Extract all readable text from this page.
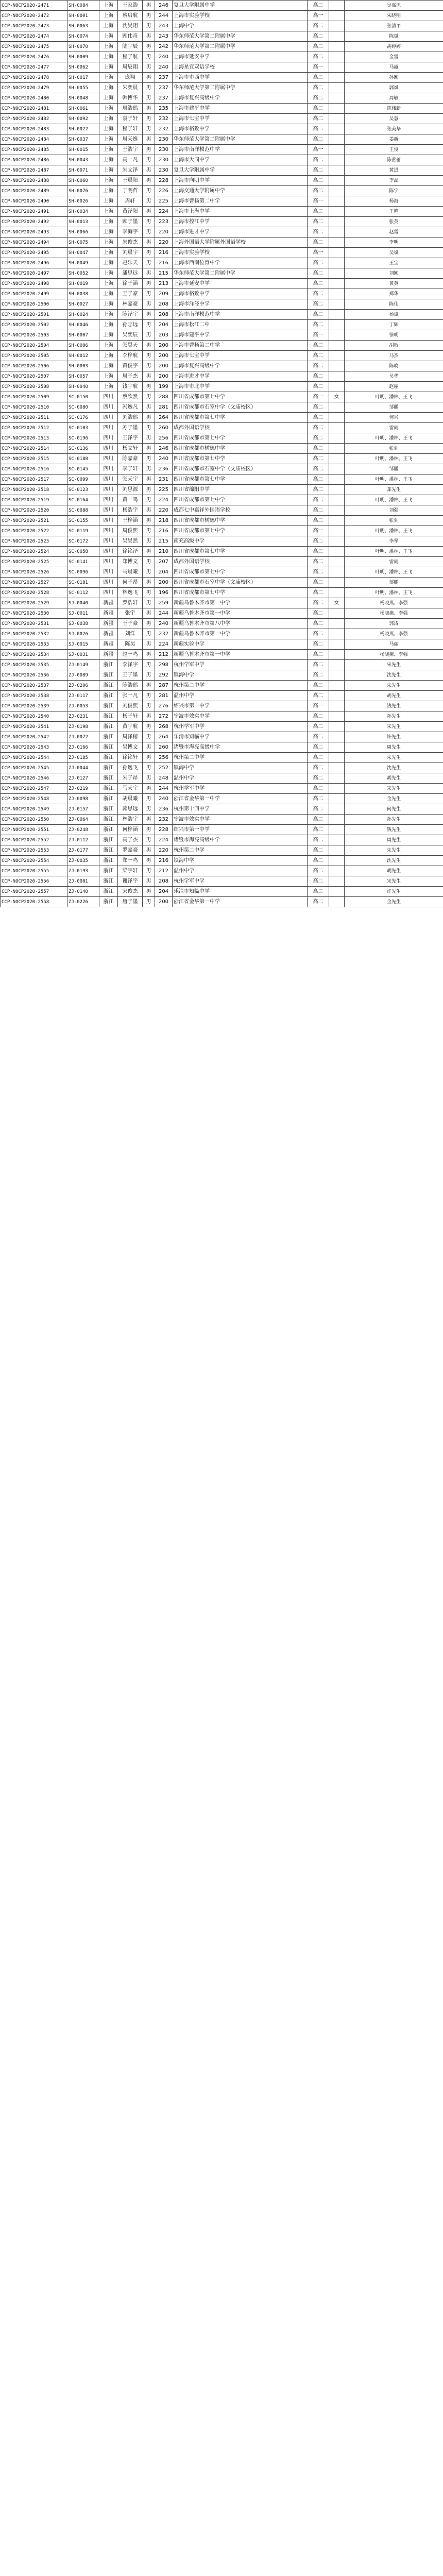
CCP-NOCP2020-2471	SH-0084	上海	王家浩	男	246	复旦大学附属中学	高二		吴嘉旭
CCP-NOCP2020-2472	SH-0001	上海	蔡启航	男	244	上海市实验学校	高一		朱晓明
CCP-NOCP2020-2473	SH-0063	上海	沈昊翔	男	243	上海中学	高二		张清平
CCP-NOCP2020-2474	SH-0074	上海	顾伟奇	男	243	华东师范大学第二附属中学	高二		陈斌
CCP-NOCP2020-2475	SH-0070	上海	陆宇辰	男	242	华东师范大学第二附属中学	高二		胡婷婷
CCP-NOCP2020-2476	SH-0009	上海	程子航	男	240	上海市延安中学	高二		金雷
CCP-NOCP2020-2477	SH-0062	上海	周辰翔	男	240	上海星宜双语学校	高一		马越
CCP-NOCP2020-2478	SH-0017	上海	庞翔	男	237	上海市市西中学	高二		孙颖
CCP-NOCP2020-2479	SH-0055	上海	朱奕晨	男	237	华东师范大学第二附属中学	高二		郭斌
CCP-NOCP2020-2480	SH-0048	上海	韩博华	男	237	上海市复兴高级中学	高二		周敏
CCP-NOCP2020-2481	SH-0061	上海	周浩然	男	235	上海市建平中学	高二		陈伟新
CCP-NOCP2020-2482	SH-0092	上海	袁子轩	男	232	上海市七宝中学	高二		吴慧
CCP-NOCP2020-2483	SH-0022	上海	程子轩	男	232	上海市格致中学	高二		张美华
CCP-NOCP2020-2484	SH-0037	上海	周天逸	男	230	华东师范大学第二附属中学	高二		姜新
CCP-NOCP2020-2485	SH-0015	上海	王浩宇	男	230	上海市南洋模范中学	高一		王俊
CCP-NOCP2020-2486	SH-0043	上海	高一凡	男	230	上海市大同中学	高二		陈蕾蕾
CCP-NOCP2020-2487	SH-0071	上海	朱文泽	男	230	复旦大学附属中学	高二		黄进
CCP-NOCP2020-2488	SH-0060	上海	王晨阳	男	228	上海市向明中学	高二		李晶
CCP-NOCP2020-2489	SH-0076	上海	丁明哲	男	226	上海交通大学附属中学	高二		陈宇
CCP-NOCP2020-2490	SH-0026	上海	周轩	男	225	上海市曹杨第二中学	高一		杨海
CCP-NOCP2020-2491	SH-0034	上海	黄泽阳	男	224	上海市上海中学	高二		王艳
CCP-NOCP2020-2492	SH-0013	上海	顾子墨	男	223	上海市控江中学	高二		张英
CCP-NOCP2020-2493	SH-0066	上海	李海宇	男	220	上海市进才中学	高二		赵雷
CCP-NOCP2020-2494	SH-0075	上海	朱俊杰	男	220	上海外国语大学附属外国语学校	高二		李明
CCP-NOCP2020-2495	SH-0047	上海	刘晨宇	男	216	上海市实验学校	高一		吴斌
CCP-NOCP2020-2496	SH-0049	上海	赵乐天	男	216	上海市西南位育中学	高二		王宝
CCP-NOCP2020-2497	SH-0052	上海	潘思远	男	215	华东师范大学第二附属中学	高二		刘颖
CCP-NOCP2020-2498	SH-0019	上海	徐子涵	男	213	上海市延安中学	高二		黄英
CCP-NOCP2020-2499	SH-0038	上海	王子豪	男	209	上海市格致中学	高二		郑华
CCP-NOCP2020-2500	SH-0027	上海	林嘉豪	男	208	上海市洋泾中学	高二		陈伟
CCP-NOCP2020-2501	SH-0024	上海	陈泽宇	男	208	上海市南洋模范中学	高二		杨斌
CCP-NOCP2020-2502	SH-0046	上海	孙志远	男	204	上海市松江二中	高二		丁辉
CCP-NOCP2020-2503	SH-0007	上海	吴奕辰	男	203	上海市建平中学	高一		徐明
CCP-NOCP2020-2504	SH-0006	上海	张昊天	男	200	上海市曹杨第二中学	高二		胡敏
CCP-NOCP2020-2505	SH-0012	上海	李梓航	男	200	上海市七宝中学	高二		马杰
CCP-NOCP2020-2506	SH-0003	上海	黄俊宇	男	200	上海市复兴高级中学	高二		陈晓
CCP-NOCP2020-2507	SH-0057	上海	周子杰	男	200	上海市进才中学	高二		吴华
CCP-NOCP2020-2508	SH-0040	上海	钱宇航	男	199	上海市市北中学	高二		赵丽
CCP-NOCP2020-2509	SC-0150	四川	蔡欣然	男	288	四川省成都市第七中学	高一	女	叶明、潘林、王飞
CCP-NOCP2020-2510	SC-0080	四川	冯逸凡	男	281	四川省成都市石室中学（文庙校区）	高二		邹鹏
CCP-NOCP2020-2511	SC-0176	四川	刘浩然	男	264	四川省成都市第七中学	高二		何兴
CCP-NOCP2020-2512	SC-0103	四川	苏子墨	男	260	成都外国语学校	高二		雷雨
CCP-NOCP2020-2513	SC-0196	四川	王泽宇	男	256	四川省成都市第七中学	高二		叶明、潘林、王飞
CCP-NOCP2020-2514	SC-0136	四川	杨文轩	男	246	四川省成都市树德中学	高二		张剑
CCP-NOCP2020-2515	SC-0188	四川	陈嘉豪	男	240	四川省成都市第七中学	高二		叶明、潘林、王飞
CCP-NOCP2020-2516	SC-0145	四川	李子轩	男	236	四川省成都市石室中学（文庙校区）	高二		邹鹏
CCP-NOCP2020-2517	SC-0099	四川	张天宇	男	231	四川省成都市第七中学	高二		叶明、潘林、王飞
CCP-NOCP2020-2518	SC-0123	四川	刘思源	男	225	四川省绵阳中学	高二		郑先生
CCP-NOCP2020-2519	SC-0164	四川	黄一鸣	男	224	四川省成都市第七中学	高二		叶明、潘林、王飞
CCP-NOCP2020-2520	SC-0088	四川	杨浩宇	男	220	成都七中嘉祥外国语学校	高二		刘强
CCP-NOCP2020-2521	SC-0155	四川	王梓涵	男	218	四川省成都市树德中学	高二		张剑
CCP-NOCP2020-2522	SC-0119	四川	周俊熙	男	216	四川省成都市第七中学	高一		叶明、潘林、王飞
CCP-NOCP2020-2523	SC-0172	四川	吴昊然	男	215	南充高级中学	高二		李军
CCP-NOCP2020-2524	SC-0058	四川	徐铭泽	男	210	四川省成都市第七中学	高二		叶明、潘林、王飞
CCP-NOCP2020-2525	SC-0141	四川	郑博文	男	207	成都外国语学校	高二		雷雨
CCP-NOCP2020-2526	SC-0096	四川	马晨曦	男	204	四川省成都市第七中学	高二		叶明、潘林、王飞
CCP-NOCP2020-2527	SC-0181	四川	何子昂	男	200	四川省成都市石室中学（文庙校区）	高二		邹鹏
CCP-NOCP2020-2528	SC-0112	四川	林逸飞	男	196	四川省成都市第七中学	高二		叶明、潘林、王飞
CCP-NOCP2020-2529	SJ-0040	新疆	罗浩轩	男	259	新疆乌鲁木齐市第一中学	高二	女	杨晓燕、李强
CCP-NOCP2020-2530	SJ-0011	新疆	张宇	男	244	新疆乌鲁木齐市第一中学	高二		杨晓燕、李强
CCP-NOCP2020-2531	SJ-0038	新疆	王子豪	男	240	新疆乌鲁木齐市第八中学	高二		郭涛
CCP-NOCP2020-2532	SJ-0026	新疆	刘洋	男	232	新疆乌鲁木齐市第一中学	高二		杨晓燕、李强
CCP-NOCP2020-2533	SJ-0015	新疆	陈昊	男	224	新疆实验中学	高二		马丽
CCP-NOCP2020-2534	SJ-0031	新疆	赵一鸣	男	212	新疆乌鲁木齐市第一中学	高二		杨晓燕、李强
CCP-NOCP2020-2535	ZJ-0149	浙江	李泽宇	男	298	杭州学军中学	高二		宋先生
CCP-NOCP2020-2536	ZJ-0089	浙江	王子墨	男	292	镇海中学	高二		沈先生
CCP-NOCP2020-2537	ZJ-0206	浙江	陈浩然	男	287	杭州第二中学	高二		朱先生
CCP-NOCP2020-2538	ZJ-0117	浙江	张一凡	男	281	温州中学	高二		胡先生
CCP-NOCP2020-2539	ZJ-0053	浙江	刘俊熙	男	276	绍兴市第一中学	高一		钱先生
CCP-NOCP2020-2540	ZJ-0231	浙江	杨子轩	男	272	宁波市效实中学	高二		孙先生
CCP-NOCP2020-2541	ZJ-0198	浙江	黄宇航	男	268	杭州学军中学	高二		宋先生
CCP-NOCP2020-2542	ZJ-0072	浙江	周泽楷	男	264	乐清市知临中学	高二		许先生
CCP-NOCP2020-2543	ZJ-0166	浙江	吴博文	男	260	诸暨市海亮高级中学	高二		周先生
CCP-NOCP2020-2544	ZJ-0185	浙江	徐铭轩	男	256	杭州第二中学	高二		朱先生
CCP-NOCP2020-2545	ZJ-0044	浙江	孙逸飞	男	252	镇海中学	高二		沈先生
CCP-NOCP2020-2546	ZJ-0127	浙江	朱子昂	男	248	温州中学	高二		胡先生
CCP-NOCP2020-2547	ZJ-0219	浙江	马天宇	男	244	杭州学军中学	高二		宋先生
CCP-NOCP2020-2548	ZJ-0098	浙江	胡晨曦	男	240	浙江省金华第一中学	高二		金先生
CCP-NOCP2020-2549	ZJ-0157	浙江	郭思远	男	236	杭州第十四中学	高二		何先生
CCP-NOCP2020-2550	ZJ-0064	浙江	林浩宇	男	232	宁波市效实中学	高二		孙先生
CCP-NOCP2020-2551	ZJ-0248	浙江	何梓涵	男	228	绍兴市第一中学	高二		钱先生
CCP-NOCP2020-2552	ZJ-0112	浙江	高子杰	男	224	诸暨市海亮高级中学	高二		周先生
CCP-NOCP2020-2553	ZJ-0177	浙江	罗嘉豪	男	220	杭州第二中学	高二		朱先生
CCP-NOCP2020-2554	ZJ-0035	浙江	郑一鸣	男	216	镇海中学	高二		沈先生
CCP-NOCP2020-2555	ZJ-0193	浙江	梁宇轩	男	212	温州中学	高二		胡先生
CCP-NOCP2020-2556	ZJ-0081	浙江	谢泽宇	男	208	杭州学军中学	高二		宋先生
CCP-NOCP2020-2557	ZJ-0140	浙江	宋俊杰	男	204	乐清市知临中学	高二		许先生
CCP-NOCP2020-2558	ZJ-0226	浙江	唐子墨	男	200	浙江省金华第一中学	高二		金先生
